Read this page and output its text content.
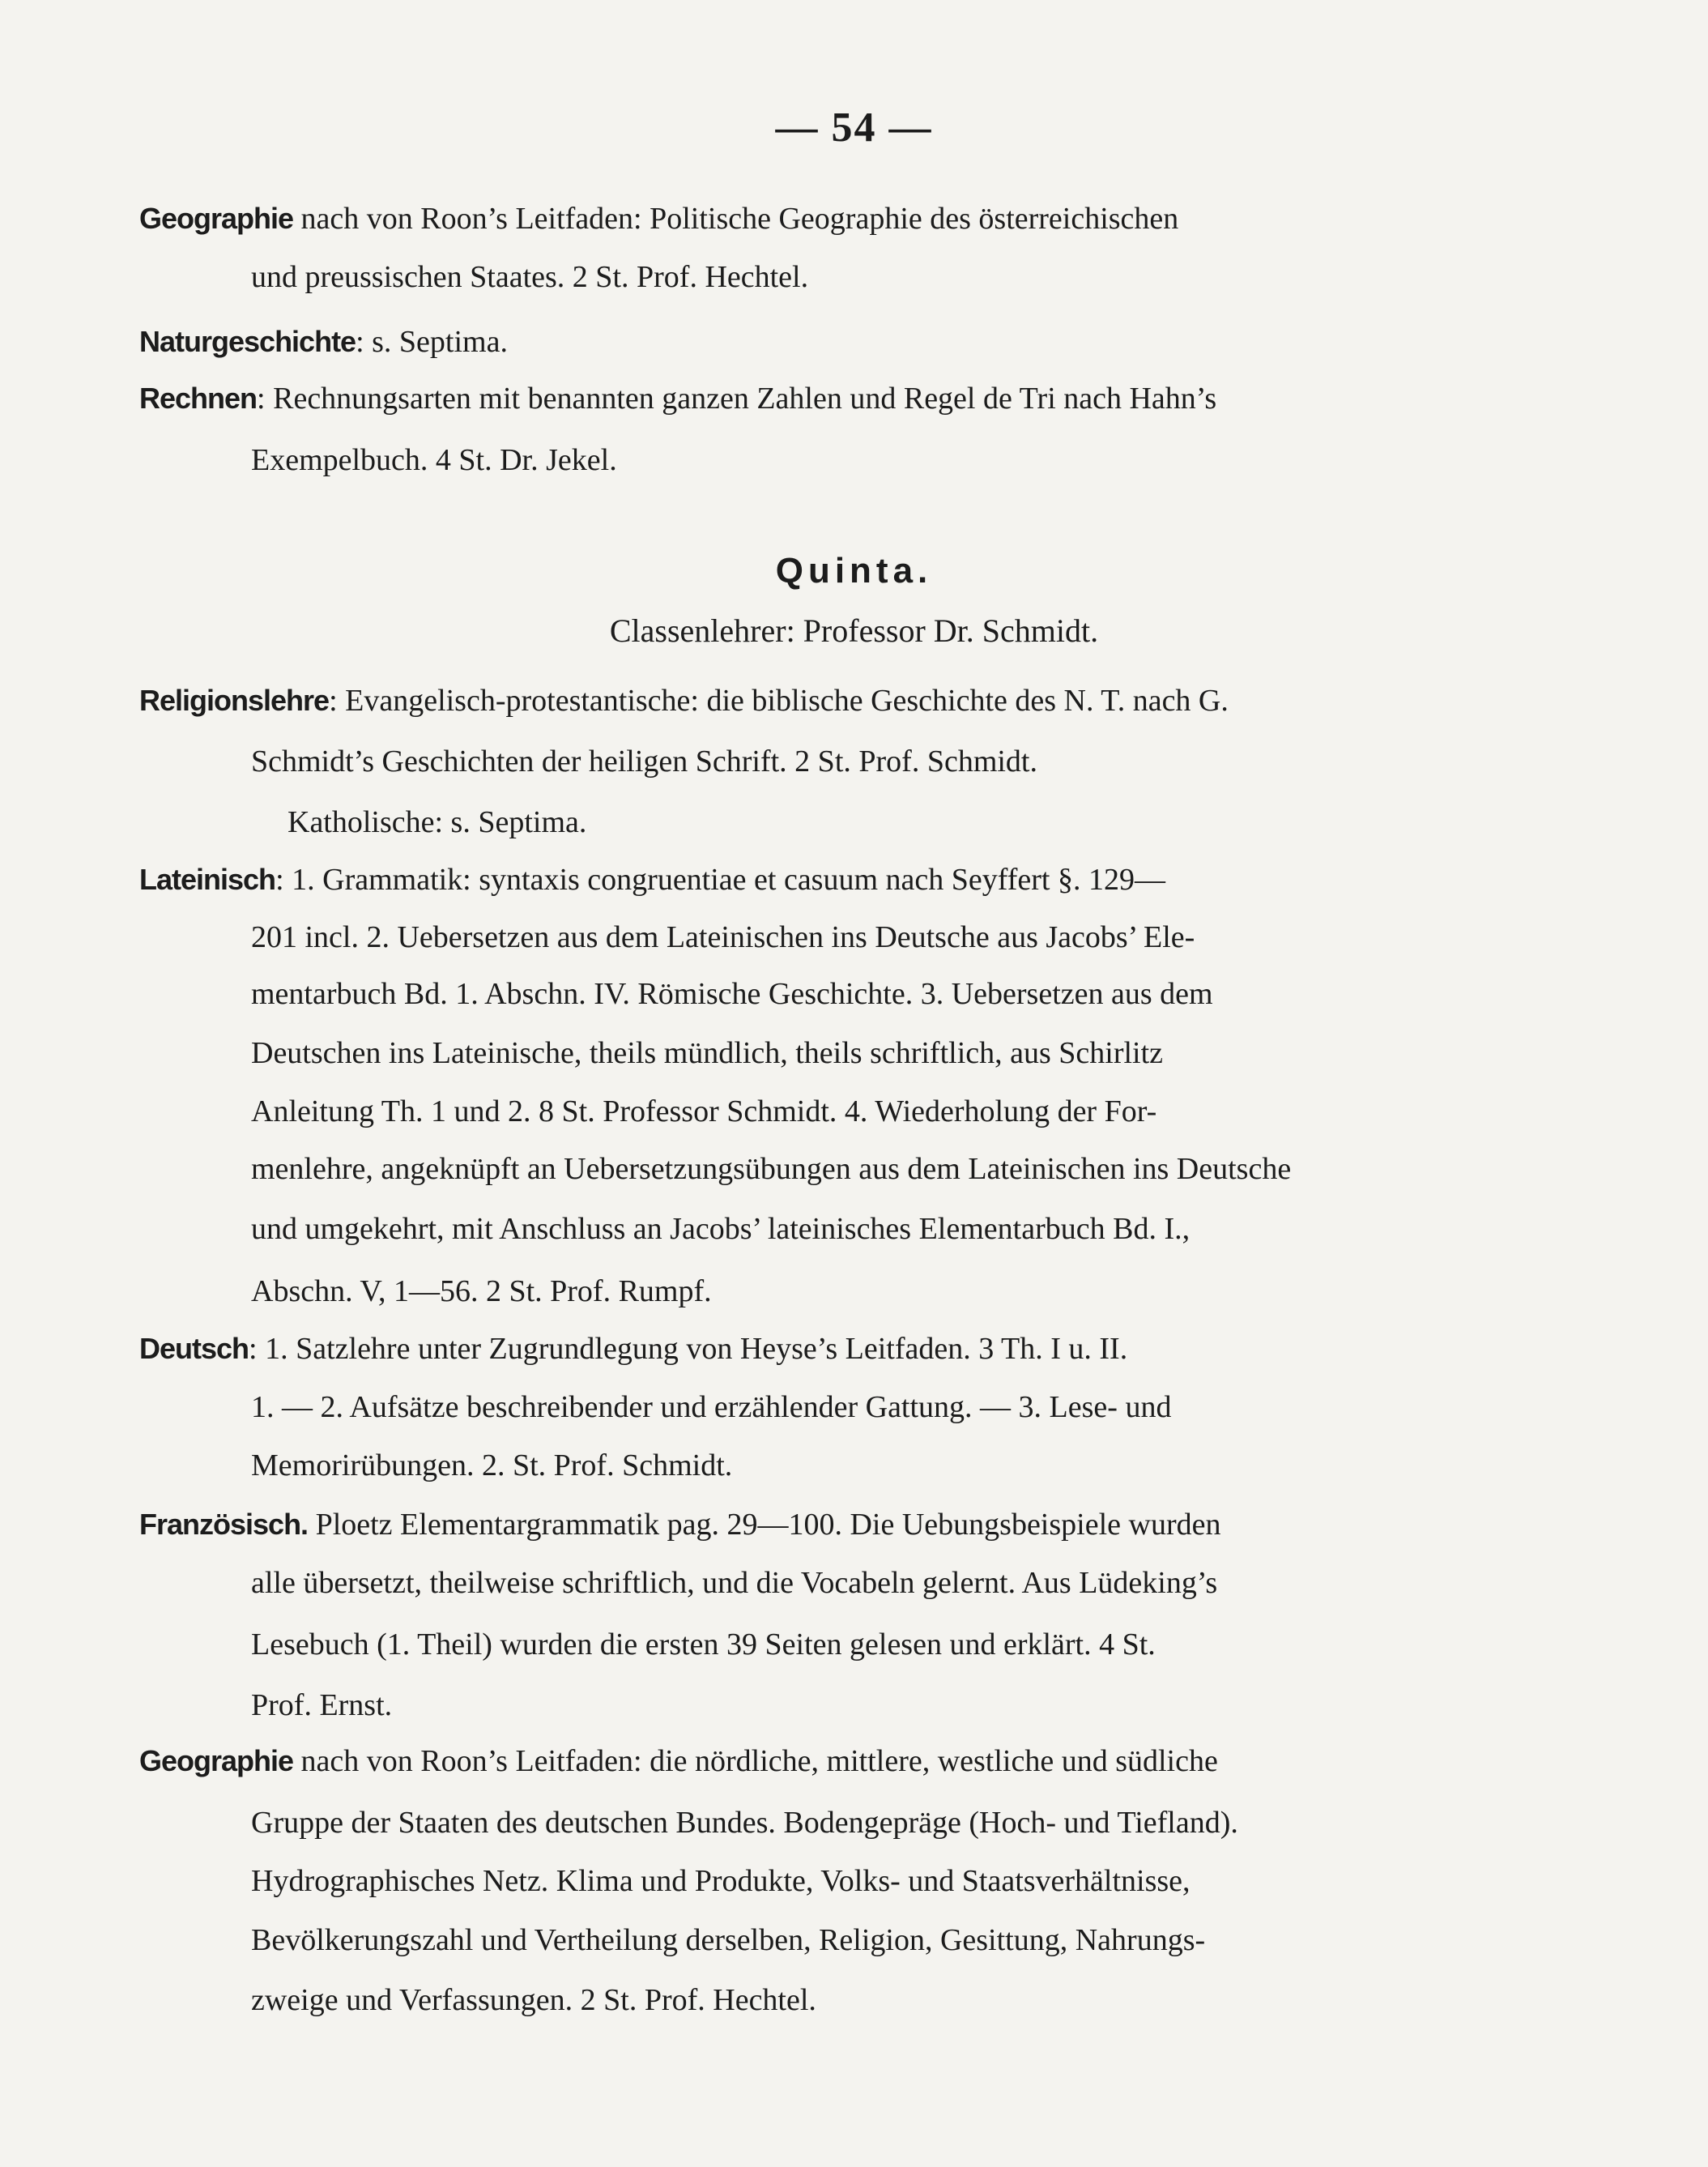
— 54 —
Geographie nach von Roon’s Leitfaden: Politische Geographie des österreichischen
und preussischen Staates. 2 St. Prof. Hechtel.
Naturgeschichte: s. Septima.
Rechnen: Rechnungsarten mit benannten ganzen Zahlen und Regel de Tri nach Hahn’s
Exempelbuch. 4 St. Dr. Jekel.
Quinta.
Classenlehrer: Professor Dr. Schmidt.
Religionslehre: Evangelisch-protestantische: die biblische Geschichte des N. T. nach G.
Schmidt’s Geschichten der heiligen Schrift. 2 St. Prof. Schmidt.
Katholische: s. Septima.
Lateinisch: 1. Grammatik: syntaxis congruentiae et casuum nach Seyffert §. 129—
201 incl. 2. Uebersetzen aus dem Lateinischen ins Deutsche aus Jacobs’ Ele-
mentarbuch Bd. 1. Abschn. IV. Römische Geschichte. 3. Uebersetzen aus dem
Deutschen ins Lateinische, theils mündlich, theils schriftlich, aus Schirlitz
Anleitung Th. 1 und 2. 8 St. Professor Schmidt. 4. Wiederholung der For-
menlehre, angeknüpft an Uebersetzungsübungen aus dem Lateinischen ins Deutsche
und umgekehrt, mit Anschluss an Jacobs’ lateinisches Elementarbuch Bd. I.,
Abschn. V, 1—56. 2 St. Prof. Rumpf.
Deutsch: 1. Satzlehre unter Zugrundlegung von Heyse’s Leitfaden. 3 Th. I u. II.
1. — 2. Aufsätze beschreibender und erzählender Gattung. — 3. Lese- und
Memorirübungen. 2. St. Prof. Schmidt.
Französisch. Ploetz Elementargrammatik pag. 29—100. Die Uebungsbeispiele wurden
alle übersetzt, theilweise schriftlich, und die Vocabeln gelernt. Aus Lüdeking’s
Lesebuch (1. Theil) wurden die ersten 39 Seiten gelesen und erklärt. 4 St.
Prof. Ernst.
Geographie nach von Roon’s Leitfaden: die nördliche, mittlere, westliche und südliche
Gruppe der Staaten des deutschen Bundes. Bodengepräge (Hoch- und Tiefland).
Hydrographisches Netz. Klima und Produkte, Volks- und Staatsverhältnisse,
Bevölkerungszahl und Vertheilung derselben, Religion, Gesittung, Nahrungs-
zweige und Verfassungen. 2 St. Prof. Hechtel.
